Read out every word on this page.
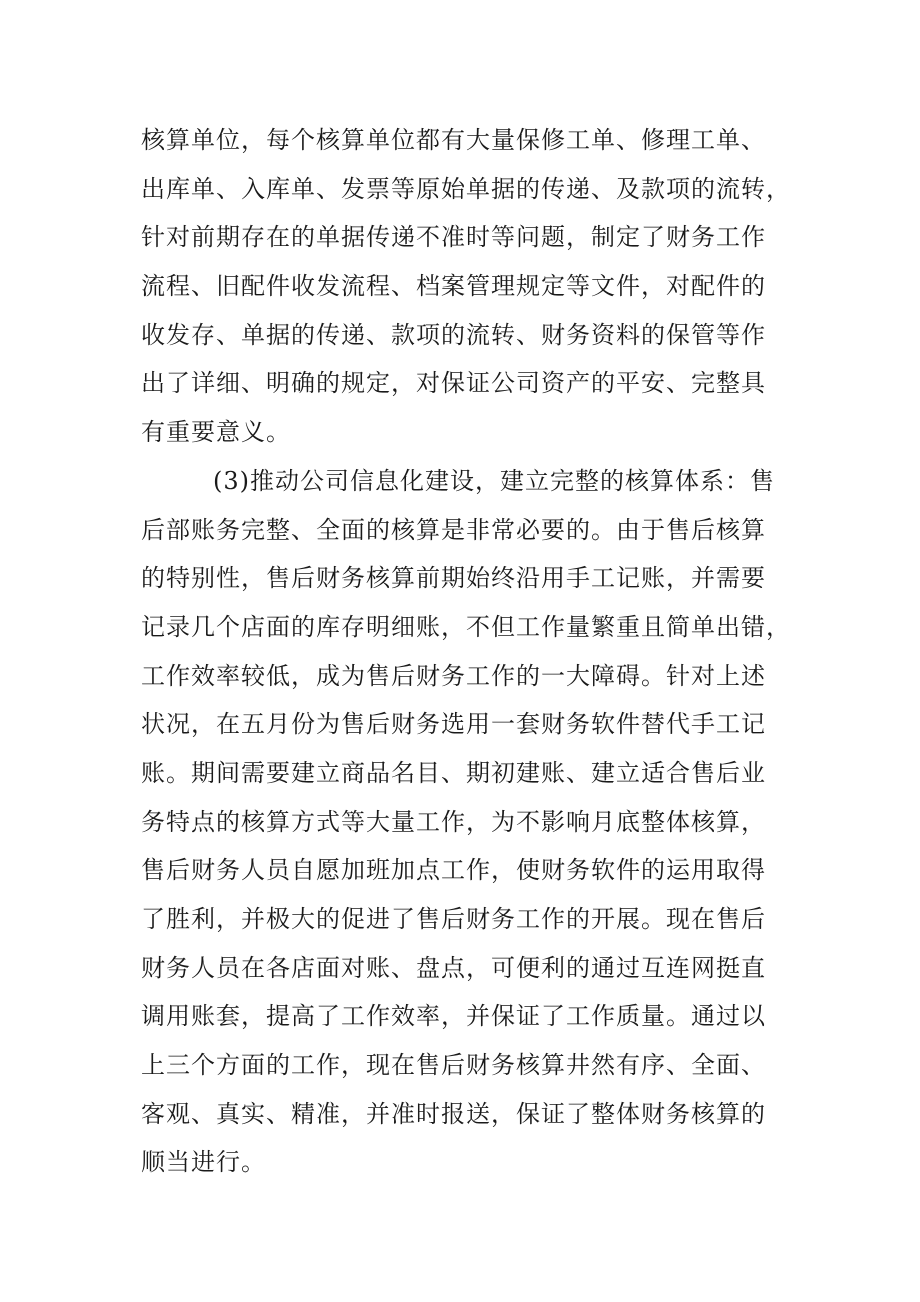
核算单位，每个核算单位都有大量保修工单、修理工单、
出库单、入库单、发票等原始单据的传递、及款项的流转，
针对前期存在的单据传递不准时等问题，制定了财务工作
流程、旧配件收发流程、档案管理规定等文件，对配件的
收发存、单据的传递、款项的流转、财务资料的保管等作
出了详细、明确的规定，对保证公司资产的平安、完整具
有重要意义。
(3)推动公司信息化建设，建立完整的核算体系：售
后部账务完整、全面的核算是非常必要的。由于售后核算
的特别性，售后财务核算前期始终沿用手工记账，并需要
记录几个店面的库存明细账，不但工作量繁重且简单出错，
工作效率较低，成为售后财务工作的一大障碍。针对上述
状况，在五月份为售后财务选用一套财务软件替代手工记
账。期间需要建立商品名目、期初建账、建立适合售后业
务特点的核算方式等大量工作，为不影响月底整体核算，
售后财务人员自愿加班加点工作，使财务软件的运用取得
了胜利，并极大的促进了售后财务工作的开展。现在售后
财务人员在各店面对账、盘点，可便利的通过互连网挺直
调用账套，提高了工作效率，并保证了工作质量。通过以
上三个方面的工作，现在售后财务核算井然有序、全面、
客观、真实、精准，并准时报送，保证了整体财务核算的
顺当进行。
